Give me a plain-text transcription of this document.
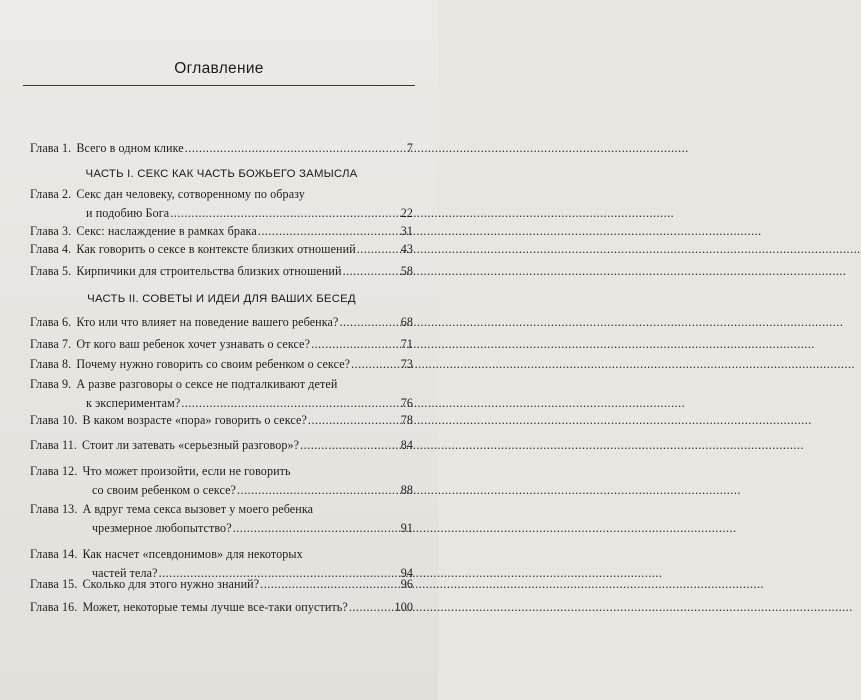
Оглавление
Глава 1. Всего в одном клике .....	7
ЧАСТЬ I. СЕКС КАК ЧАСТЬ БОЖЬЕГО ЗАМЫСЛА
Глава 2. Секс дан человеку, сотворенному по образу
и подобию Бога .....	22
Глава 3. Секс: наслаждение в рамках брака .....	31
Глава 4. Как говорить о сексе в контексте близких отношений .....	43
Глава 5. Кирпичики для строительства близких отношений .....	58
ЧАСТЬ II. СОВЕТЫ И ИДЕИ ДЛЯ ВАШИХ БЕСЕД
Глава 6. Кто или что влияет на поведение вашего ребенка? .....	68
Глава 7. От кого ваш ребенок хочет узнавать о сексе? .....	71
Глава 8. Почему нужно говорить со своим ребенком о сексе? .....	73
Глава 9. А разве разговоры о сексе не подталкивают детей
к экспериментам? .....	76
Глава 10. В каком возрасте «пора» говорить о сексе? .....	78
Глава 11. Стоит ли затевать «серьезный разговор»? .....	84
Глава 12. Что может произойти, если не говорить
со своим ребенком о сексе? .....	88
Глава 13. А вдруг тема секса вызовет у моего ребенка
чрезмерное любопытство? .....	91
Глава 14. Как насчет «псевдонимов» для некоторых
частей тела? .....	94
Глава 15. Сколько для этого нужно знаний? .....	96
Глава 16. Может, некоторые темы лучше все-таки опустить? .....	100
